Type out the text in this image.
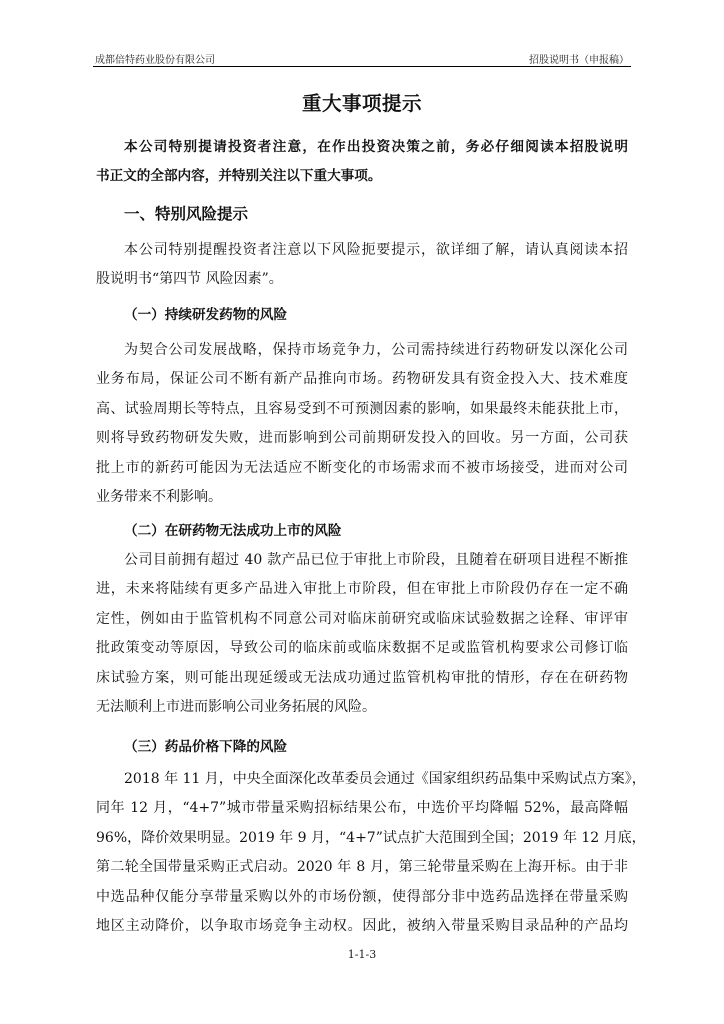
成都倍特药业股份有限公司	招股说明书（申报稿）
重大事项提示
本公司特别提请投资者注意，在作出投资决策之前，务必仔细阅读本招股说明
书正文的全部内容，并特别关注以下重大事项。
一、特别风险提示
本公司特别提醒投资者注意以下风险扼要提示，欲详细了解，请认真阅读本招
股说明书“第四节 风险因素”。
（一）持续研发药物的风险
为契合公司发展战略，保持市场竞争力，公司需持续进行药物研发以深化公司
业务布局，保证公司不断有新产品推向市场。药物研发具有资金投入大、技术难度
高、试验周期长等特点，且容易受到不可预测因素的影响，如果最终未能获批上市，
则将导致药物研发失败，进而影响到公司前期研发投入的回收。另一方面，公司获
批上市的新药可能因为无法适应不断变化的市场需求而不被市场接受，进而对公司
业务带来不利影响。
（二）在研药物无法成功上市的风险
公司目前拥有超过 40 款产品已位于审批上市阶段，且随着在研项目进程不断推
进，未来将陆续有更多产品进入审批上市阶段，但在审批上市阶段仍存在一定不确
定性，例如由于监管机构不同意公司对临床前研究或临床试验数据之诠释、审评审
批政策变动等原因，导致公司的临床前或临床数据不足或监管机构要求公司修订临
床试验方案，则可能出现延缓或无法成功通过监管机构审批的情形，存在在研药物
无法顺利上市进而影响公司业务拓展的风险。
（三）药品价格下降的风险
2018 年 11 月，中央全面深化改革委员会通过《国家组织药品集中采购试点方案》，
同年 12 月，“4+7”城市带量采购招标结果公布，中选价平均降幅 52%，最高降幅
96%，降价效果明显。2019 年 9 月，“4+7”试点扩大范围到全国；2019 年 12 月底，
第二轮全国带量采购正式启动。2020 年 8 月，第三轮带量采购在上海开标。由于非
中选品种仅能分享带量采购以外的市场份额，使得部分非中选药品选择在带量采购
地区主动降价，以争取市场竞争主动权。因此，被纳入带量采购目录品种的产品均
1-1-3
